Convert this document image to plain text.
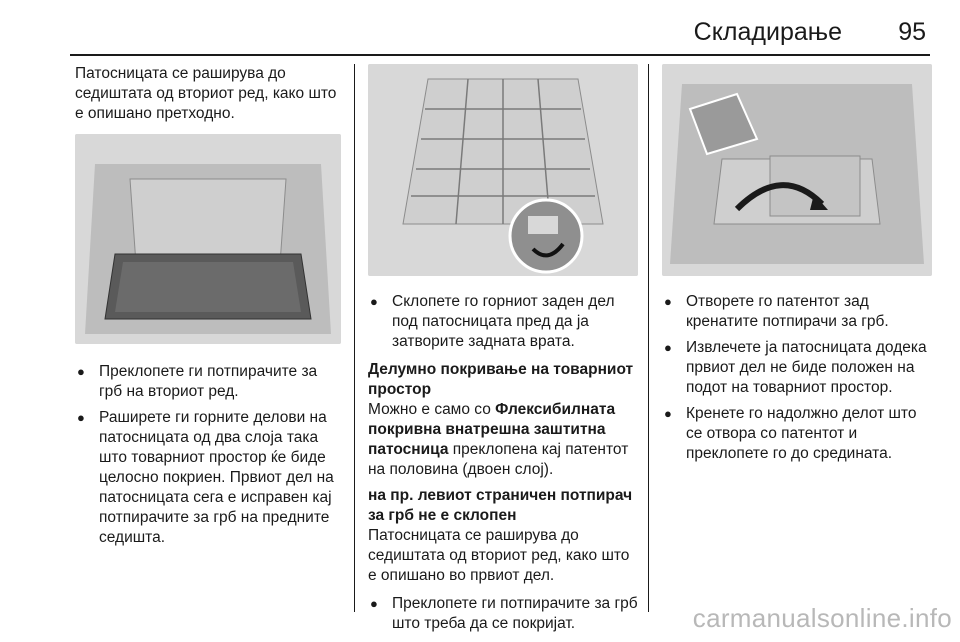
Складирање 95

Патосницата се раширува до седиштата од вториот ред, како што е опишано претходно.

● Преклопете ги потпирачите за грб на вториот ред.
● Раширете ги горните делови на патосницата од два слоја така што товарниот простор ќе биде целосно покриен. Првиот дел на патосницата сега е исправен кај потпирачите за грб на предните седишта.
● Склопете го горниот заден дел под патосницата пред да ја затворите задната врата.

Делумно покривање на товарниот простор

Можно е само со Флексибилната покривна внатрешна заштитна патосница преклопена кај патентот на половина (двоен слој).

на пр. левиот страничен потпирач за грб не е склопен

Патосницата се раширува до седиштата од вториот ред, како што е опишано во првиот дел.

● Преклопете ги потпирачите за грб што треба да се покријат.
● Отворете го патентот зад кренатите потпирачи за грб.
● Извлечете ја патосницата додека првиот дел не биде положен на подот на товарниот простор.
● Кренете го надолжно делот што се отвора со патентот и преклопете го до средината.
carmanualsonline.info
